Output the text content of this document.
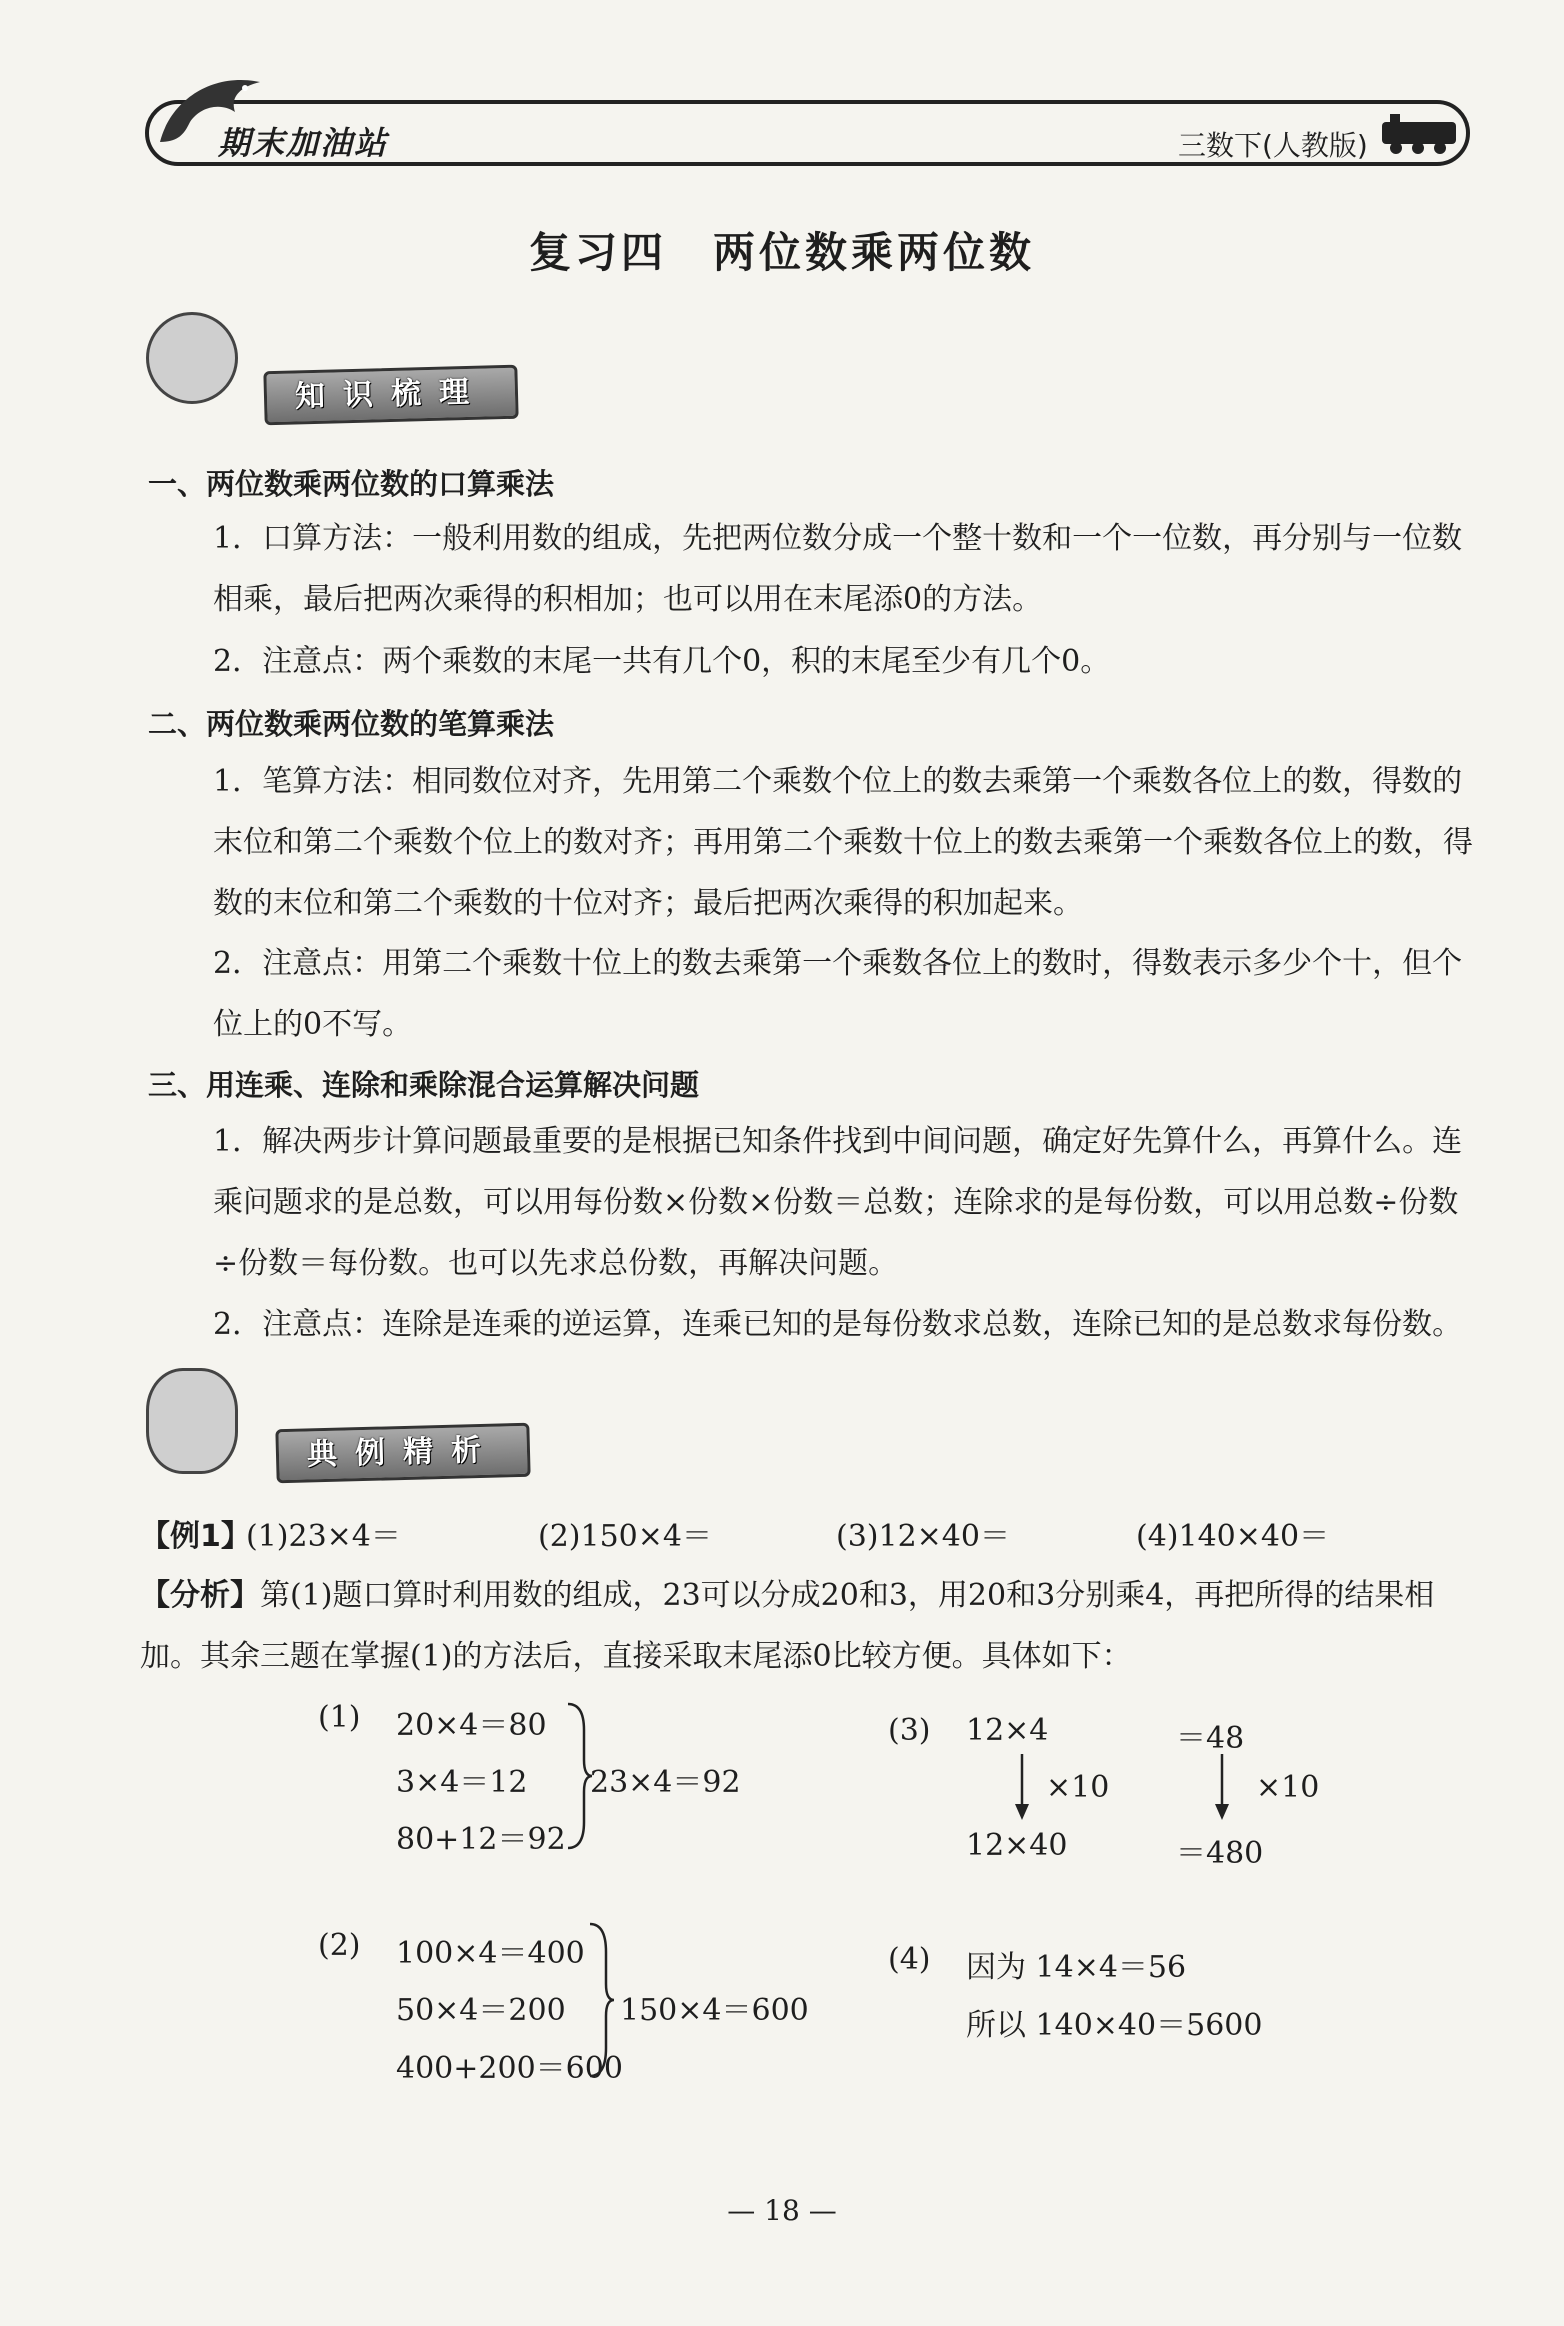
期末加油站	三数下(人教版)
复习四　两位数乘两位数
知识梳理
一、两位数乘两位数的口算乘法
1．口算方法：一般利用数的组成，先把两位数分成一个整十数和一个一位数，再分别与一位数相乘，最后把两次乘得的积相加；也可以用在末尾添0的方法。
2．注意点：两个乘数的末尾一共有几个0，积的末尾至少有几个0。
二、两位数乘两位数的笔算乘法
1．笔算方法：相同数位对齐，先用第二个乘数个位上的数去乘第一个乘数各位上的数，得数的末位和第二个乘数个位上的数对齐；再用第二个乘数十位上的数去乘第一个乘数各位上的数，得数的末位和第二个乘数的十位对齐；最后把两次乘得的积加起来。
2．注意点：用第二个乘数十位上的数去乘第一个乘数各位上的数时，得数表示多少个十，但个位上的0不写。
三、用连乘、连除和乘除混合运算解决问题
1．解决两步计算问题最重要的是根据已知条件找到中间问题，确定好先算什么，再算什么。连乘问题求的是总数，可以用每份数×份数×份数＝总数；连除求的是每份数，可以用总数÷份数÷份数＝每份数。也可以先求总份数，再解决问题。
2．注意点：连除是连乘的逆运算，连乘已知的是每份数求总数，连除已知的是总数求每份数。
典例精析
【例1】
(1)23×4＝	(2)150×4＝	(3)12×40＝	(4)140×40＝
【分析】第(1)题口算时利用数的组成，23可以分成20和3，用20和3分别乘4，再把所得的结果相加。其余三题在掌握(1)的方法后，直接采取末尾添0比较方便。具体如下：
(1) 20×4＝80
3×4＝12
80+12＝92
23×4＝92
(2) 100×4＝400
50×4＝200
400+200＝600
150×4＝600
(3) 12×4	＝48
×10	×10
12×40	＝480
(4) 因为 14×4＝56
所以 140×40＝5600
— 18 —
